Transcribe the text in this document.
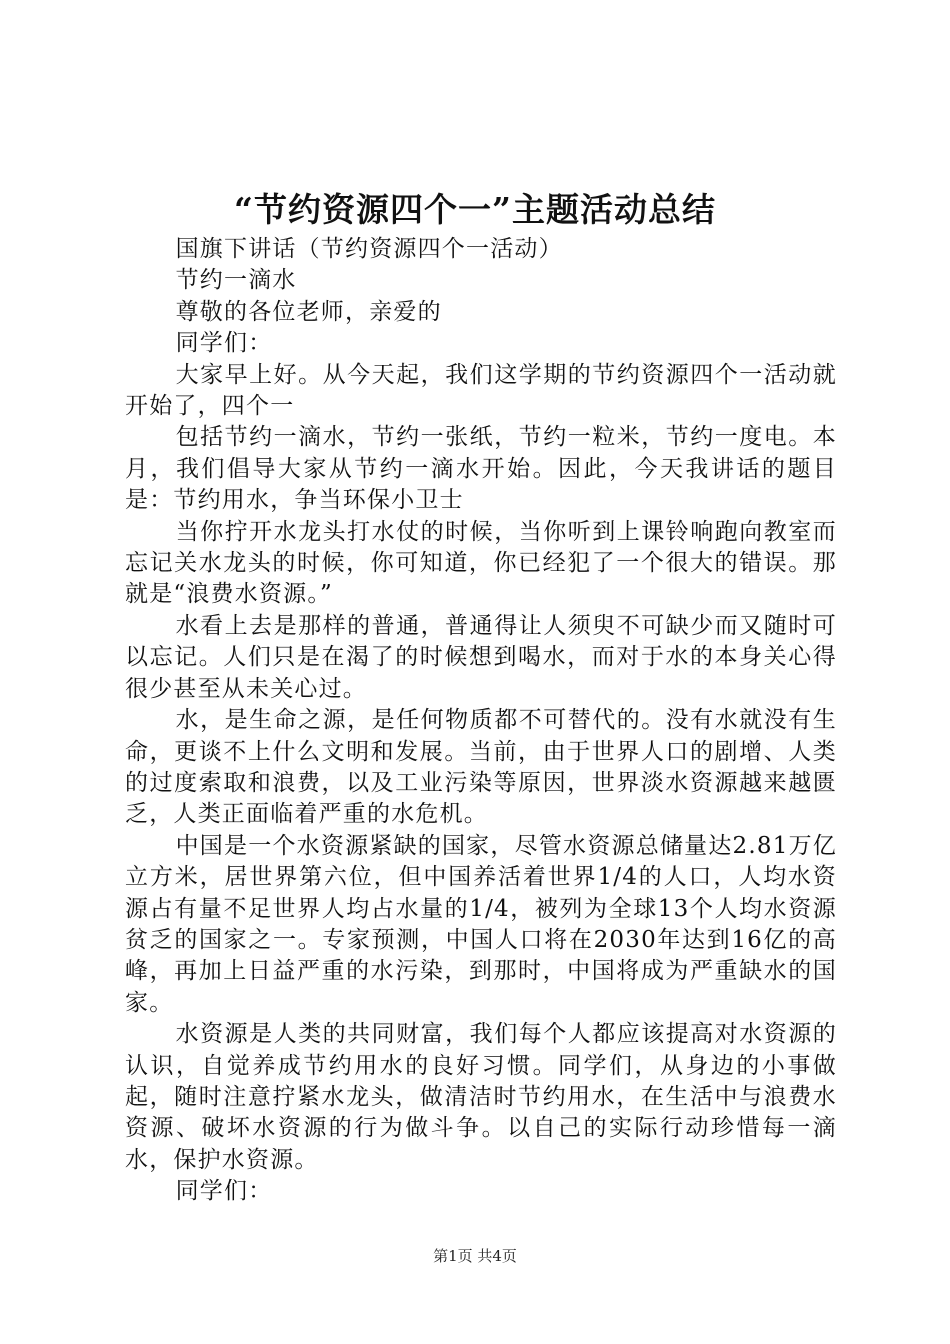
“节约资源四个一”主题活动总结

国旗下讲话（节约资源四个一活动）

节约一滴水

尊敬的各位老师，亲爱的

同学们：

大家早上好。从今天起，我们这学期的节约资源四个一活动就开始了，四个一

包括节约一滴水，节约一张纸，节约一粒米，节约一度电。本月，我们倡导大家从节约一滴水开始。因此，今天我讲话的题目是：节约用水，争当环保小卫士

当你拧开水龙头打水仗的时候，当你听到上课铃响跑向教室而忘记关水龙头的时候，你可知道，你已经犯了一个很大的错误。那就是“浪费水资源。”

水看上去是那样的普通，普通得让人须臾不可缺少而又随时可以忘记。人们只是在渴了的时候想到喝水，而对于水的本身关心得很少甚至从未关心过。

水，是生命之源，是任何物质都不可替代的。没有水就没有生命，更谈不上什么文明和发展。当前，由于世界人口的剧增、人类的过度索取和浪费，以及工业污染等原因，世界淡水资源越来越匮乏，人类正面临着严重的水危机。

中国是一个水资源紧缺的国家，尽管水资源总储量达2.81万亿立方米，居世界第六位，但中国养活着世界1/4的人口，人均水资源占有量不足世界人均占水量的1/4，被列为全球13个人均水资源贫乏的国家之一。专家预测，中国人口将在2030年达到16亿的高峰，再加上日益严重的水污染，到那时，中国将成为严重缺水的国家。

水资源是人类的共同财富，我们每个人都应该提高对水资源的认识，自觉养成节约用水的良好习惯。同学们，从身边的小事做起，随时注意拧紧水龙头，做清洁时节约用水，在生活中与浪费水资源、破坏水资源的行为做斗争。以自己的实际行动珍惜每一滴水，保护水资源。

同学们：

第1页 共4页
